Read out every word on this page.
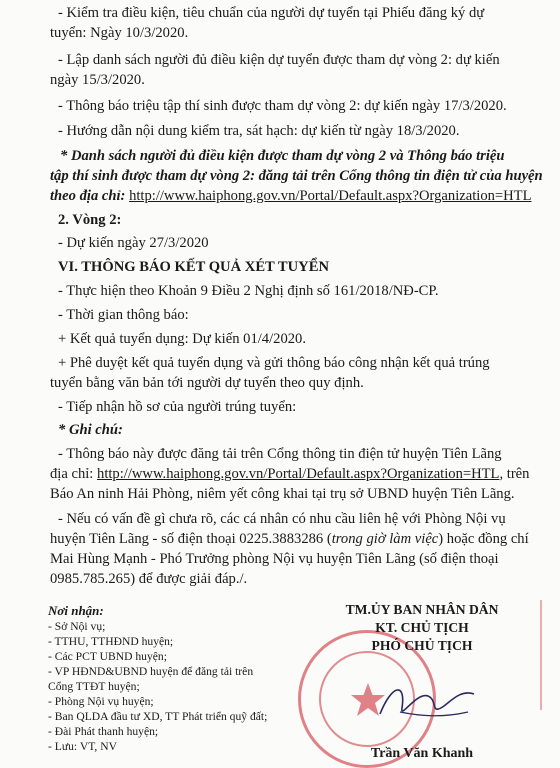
- Kiểm tra điều kiện, tiêu chuẩn của người dự tuyển tại Phiếu đăng ký dự
tuyển: Ngày 10/3/2020.
- Lập danh sách người đủ điều kiện dự tuyển được tham dự vòng 2: dự kiến
ngày 15/3/2020.
- Thông báo triệu tập thí sinh được tham dự vòng 2: dự kiến ngày 17/3/2020.
- Hướng dẫn nội dung kiểm tra, sát hạch: dự kiến từ ngày 18/3/2020.
* Danh sách người đủ điều kiện được tham dự vòng 2 và Thông báo triệu
tập thí sinh được tham dự vòng 2: đăng tải trên Cổng thông tin điện tử của huyện
theo địa chỉ: http://www.haiphong.gov.vn/Portal/Default.aspx?Organization=HTL
2. Vòng 2:
- Dự kiến ngày 27/3/2020
VI. THÔNG BÁO KẾT QUẢ XÉT TUYỂN
- Thực hiện theo Khoản 9 Điều 2 Nghị định số 161/2018/NĐ-CP.
- Thời gian thông báo:
+ Kết quả tuyển dụng: Dự kiến 01/4/2020.
+ Phê duyệt kết quả tuyển dụng và gửi thông báo công nhận kết quả trúng
tuyển bằng văn bản tới người dự tuyển theo quy định.
- Tiếp nhận hồ sơ của người trúng tuyển:
* Ghi chú:
- Thông báo này được đăng tải trên Cổng thông tin điện tử huyện Tiên Lãng
địa chỉ: http://www.haiphong.gov.vn/Portal/Default.aspx?Organization=HTL, trên
Báo An ninh Hải Phòng, niêm yết công khai tại trụ sở UBND huyện Tiên Lãng.
- Nếu có vấn đề gì chưa rõ, các cá nhân có nhu cầu liên hệ với Phòng Nội vụ
huyện Tiên Lãng - số điện thoại 0225.3883286 (trong giờ làm việc) hoặc đồng chí
Mai Hùng Mạnh - Phó Trưởng phòng Nội vụ huyện Tiên Lãng (số điện thoại
0985.785.265) để được giải đáp./.
Nơi nhận:
- Sở Nội vụ;
- TTHU, TTHĐND huyện;
- Các PCT UBND huyện;
- VP HĐND&UBND huyện để đăng tải trên
Cổng TTĐT huyện;
- Phòng Nội vụ huyện;
- Ban QLDA đầu tư XD, TT Phát triển quỹ đất;
- Đài Phát thanh huyện;
- Lưu: VT, NV
TM.ỦY BAN NHÂN DÂN
KT. CHỦ TỊCH
PHÓ CHỦ TỊCH
Trần Văn Khanh
